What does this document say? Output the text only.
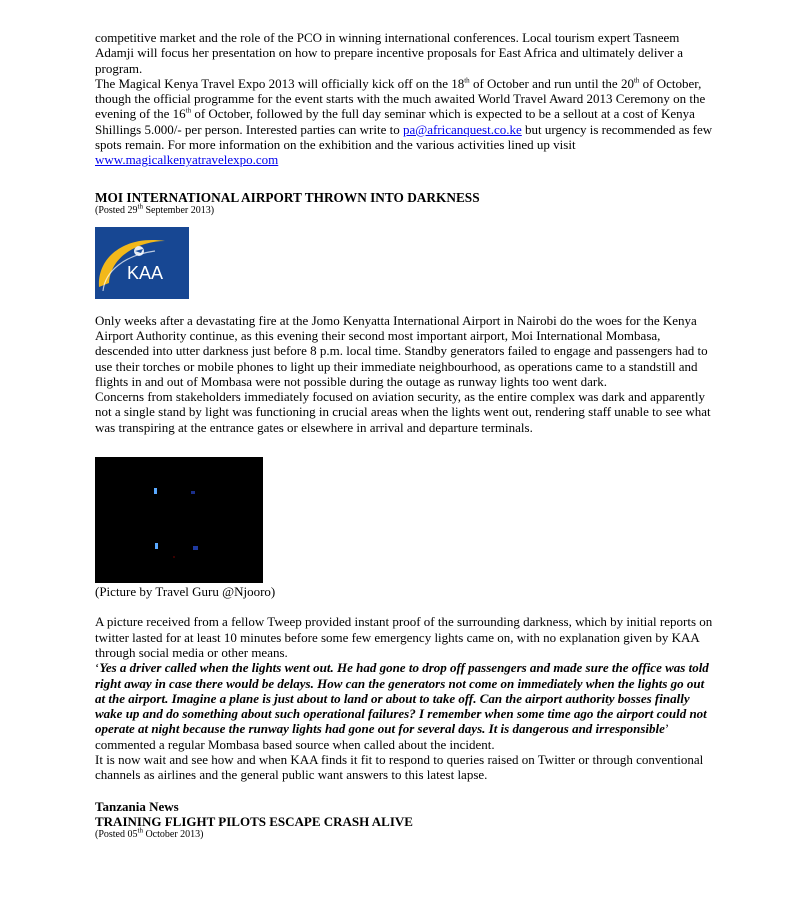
competitive market and the role of the PCO in winning international conferences. Local tourism expert Tasneem Adamji will focus her presentation on how to prepare incentive proposals for East Africa and ultimately deliver a program.

The Magical Kenya Travel Expo 2013 will officially kick off on the 18th of October and run until the 20th of October, though the official programme for the event starts with the much awaited World Travel Award 2013 Ceremony on the evening of the 16th of October, followed by the full day seminar which is expected to be a sellout at a cost of Kenya Shillings 5.000/- per person. Interested parties can write to pa@africanquest.co.ke but urgency is recommended as few spots remain. For more information on the exhibition and the various activities lined up visit www.magicalkenyatravelexpo.com

MOI INTERNATIONAL AIRPORT THROWN INTO DARKNESS

(Posted 29th September 2013)

KAA

Only weeks after a devastating fire at the Jomo Kenyatta International Airport in Nairobi do the woes for the Kenya Airport Authority continue, as this evening their second most important airport, Moi International Mombasa, descended into utter darkness just before 8 p.m. local time. Standby generators failed to engage and passengers had to use their torches or mobile phones to light up their immediate neighbourhood, as operations came to a standstill and flights in and out of Mombasa were not possible during the outage as runway lights too went dark.

Concerns from stakeholders immediately focused on aviation security, as the entire complex was dark and apparently not a single stand by light was functioning in crucial areas when the lights went out, rendering staff unable to see what was transpiring at the entrance gates or elsewhere in arrival and departure terminals.

(Picture by Travel Guru @Njooro)

A picture received from a fellow Tweep provided instant proof of the surrounding darkness, which by initial reports on twitter lasted for at least 10 minutes before some few emergency lights came on, with no explanation given by KAA through social media or other means.

‘Yes a driver called when the lights went out. He had gone to drop off passengers and made sure the office was told right away in case there would be delays. How can the generators not come on immediately when the lights go out at the airport. Imagine a plane is just about to land or about to take off. Can the airport authority bosses finally wake up and do something about such operational failures? I remember when some time ago the airport could not operate at night because the runway lights had gone out for several days. It is dangerous and irresponsible’ commented a regular Mombasa based source when called about the incident.

It is now wait and see how and when KAA finds it fit to respond to queries raised on Twitter or through conventional channels as airlines and the general public want answers to this latest lapse.

Tanzania News

TRAINING FLIGHT PILOTS ESCAPE CRASH ALIVE

(Posted 05th October 2013)
